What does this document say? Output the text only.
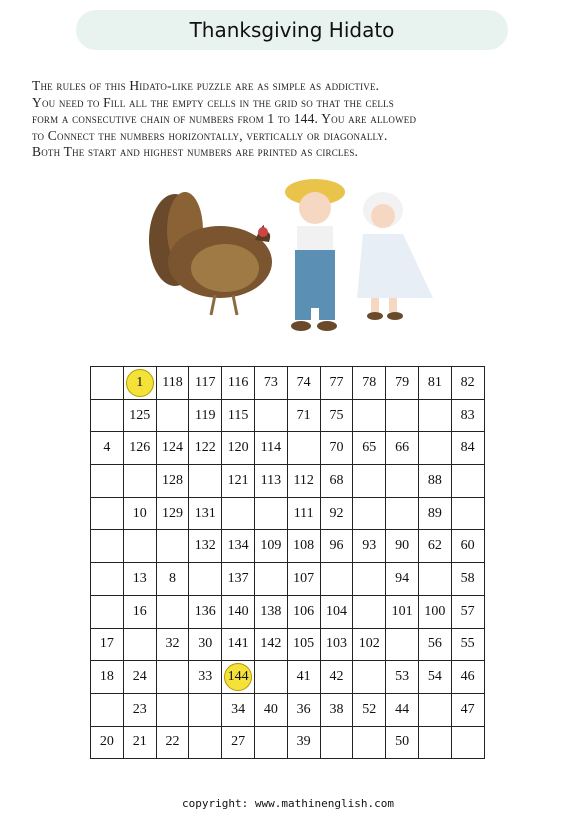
Thanksgiving Hidato

The rules of this Hidato-like puzzle are as simple as addictive.

You need to Fill all the empty cells in the grid so that the cells

form a consecutive chain of numbers from 1 to 144. You are allowed

to Connect the numbers horizontally, vertically or diagonally.

Both The start and highest numbers are printed as circles.

	1	118	117	116	73	74	77	78	79	81	82
	125		119	115		71	75				83
4	126	124	122	120	114		70	65	66		84
		128		121	113	112	68			88	
	10	129	131			111	92			89	
			132	134	109	108	96	93	90	62	60
	13	8		137		107			94		58
	16		136	140	138	106	104		101	100	57
17		32	30	141	142	105	103	102		56	55
18	24		33	144		41	42		53	54	46
	23			34	40	36	38	52	44		47
20	21	22		27		39			50		
copyright: www.mathinenglish.com
